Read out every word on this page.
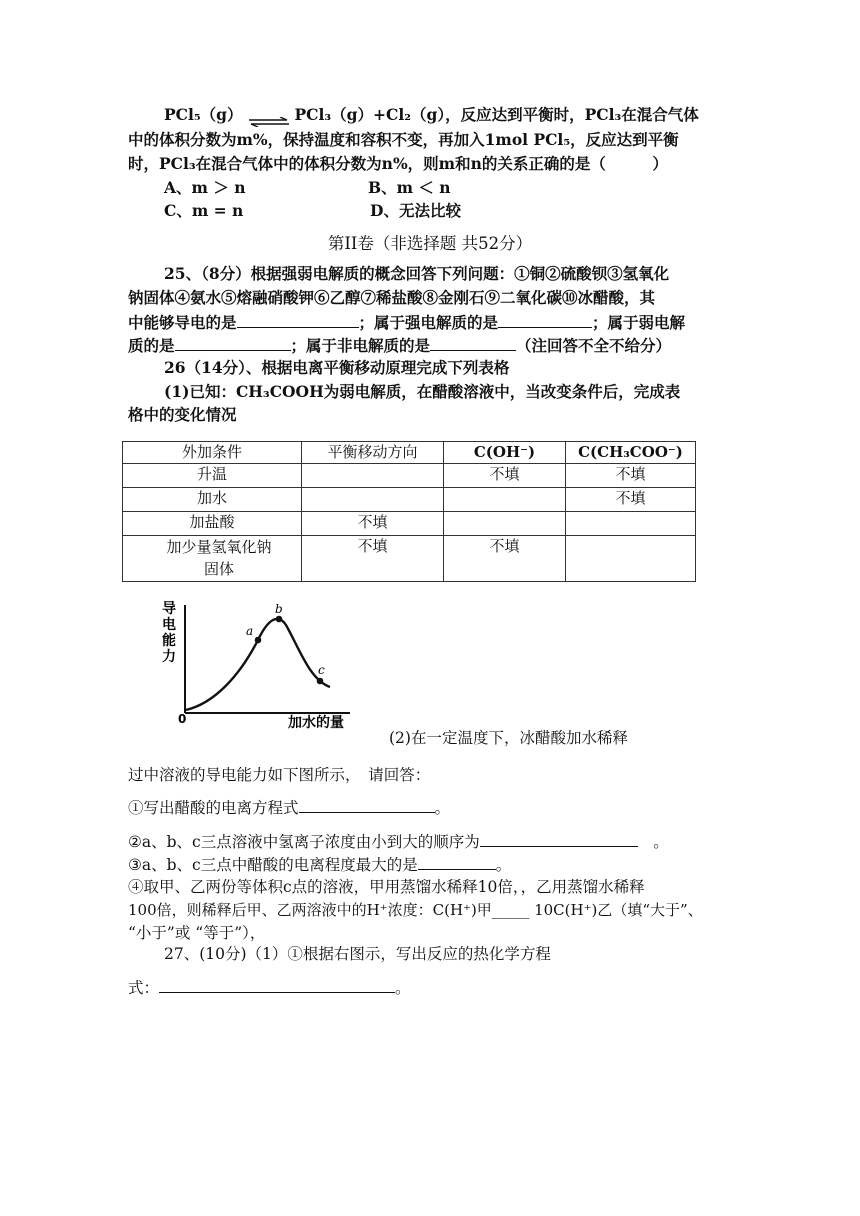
PCl₅（g） ⇌ PCl₃（g）+Cl₂（g），反应达到平衡时，PCl₃在混合气体
中的体积分数为m%，保持温度和容积不变，再加入1mol PCl₅，反应达到平衡
时，PCl₃在混合气体中的体积分数为n%，则m和n的关系正确的是（　　　）
A、m ＞ n	B、m ＜ n
C、m = n	D、无法比较
第II卷（非选择题 共52分）
25、（8分）根据强弱电解质的概念回答下列问题：①铜②硫酸钡③氢氧化
钠固体④氨水⑤熔融硝酸钾⑥乙醇⑦稀盐酸⑧金刚石⑨二氧化碳⑩冰醋酸，其
中能够导电的是	；属于强电解质的是	；属于弱电解
质的是	；属于非电解质的是	（注回答不全不给分）
26（14分）、根据电离平衡移动原理完成下列表格
(1)已知：CH₃COOH为弱电解质，在醋酸溶液中，当改变条件后，完成表
格中的变化情况
外加条件	平衡移动方向	C(OH⁻)	C(CH₃COO⁻)
升温		不填	不填
加水			不填
加盐酸	不填		
加少量氢氧化钠固体	不填	不填	
a
b
c
0	加水的量
导电能力
(2)在一定温度下，冰醋酸加水稀释
过中溶液的导电能力如下图所示，　请回答：
①写出醋酸的电离方程式	。
②a、b、c三点溶液中氢离子浓度由小到大的顺序为　	。
③a、b、c三点中醋酸的电离程度最大的是	。
④取甲、乙两份等体积c点的溶液，甲用蒸馏水稀释10倍，，乙用蒸馏水稀释
100倍，则稀释后甲、乙两溶液中的H⁺浓度：C(H⁺)甲_____ 10C(H⁺)乙（填“大于”、
“小于”或 “等于”），
27、(10分)（1）①根据右图示，写出反应的热化学方程
式：	。
